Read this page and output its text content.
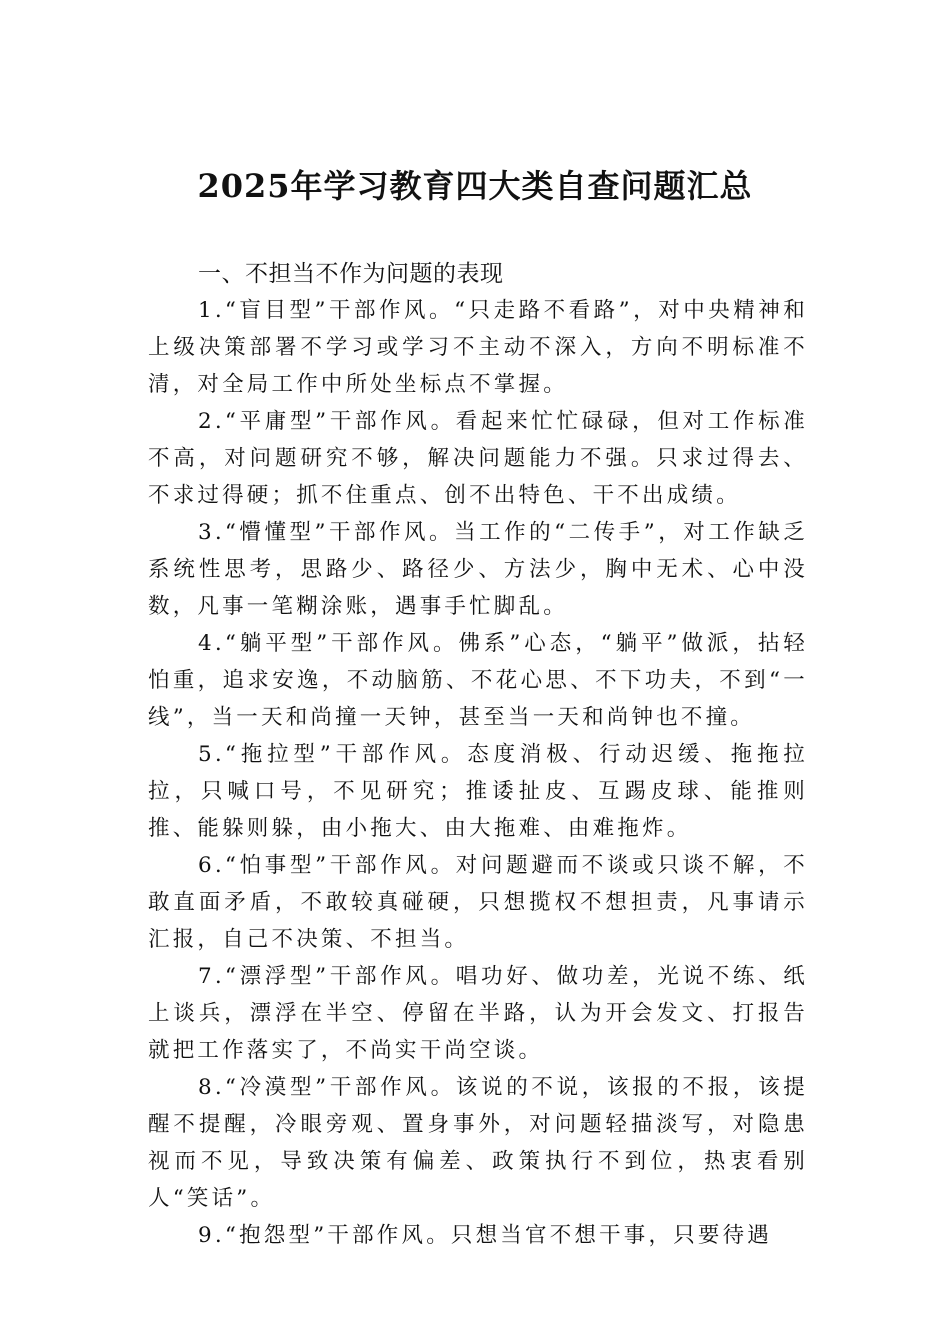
2025年学习教育四大类自查问题汇总
一、不担当不作为问题的表现

1.“盲目型”干部作风。“只走路不看路”，对中央精神和上级决策部署不学习或学习不主动不深入，方向不明标准不清，对全局工作中所处坐标点不掌握。

2.“平庸型”干部作风。看起来忙忙碌碌，但对工作标准不高，对问题研究不够，解决问题能力不强。只求过得去、不求过得硬；抓不住重点、创不出特色、干不出成绩。

3.“懵懂型”干部作风。当工作的“二传手”，对工作缺乏系统性思考，思路少、路径少、方法少，胸中无术、心中没数，凡事一笔糊涂账，遇事手忙脚乱。

4.“躺平型”干部作风。佛系”心态，“躺平”做派，拈轻怕重，追求安逸，不动脑筋、不花心思、不下功夫，不到“一线”，当一天和尚撞一天钟，甚至当一天和尚钟也不撞。

5.“拖拉型”干部作风。态度消极、行动迟缓、拖拖拉拉，只喊口号，不见研究；推诿扯皮、互踢皮球、能推则推、能躲则躲，由小拖大、由大拖难、由难拖炸。

6.“怕事型”干部作风。对问题避而不谈或只谈不解，不敢直面矛盾，不敢较真碰硬，只想揽权不想担责，凡事请示汇报，自己不决策、不担当。

7.“漂浮型”干部作风。唱功好、做功差，光说不练、纸上谈兵，漂浮在半空、停留在半路，认为开会发文、打报告就把工作落实了，不尚实干尚空谈。

8.“冷漠型”干部作风。该说的不说，该报的不报，该提醒不提醒，冷眼旁观、置身事外，对问题轻描淡写，对隐患视而不见，导致决策有偏差、政策执行不到位，热衷看别人“笑话”。

9.“抱怨型”干部作风。只想当官不想干事，只要待遇
